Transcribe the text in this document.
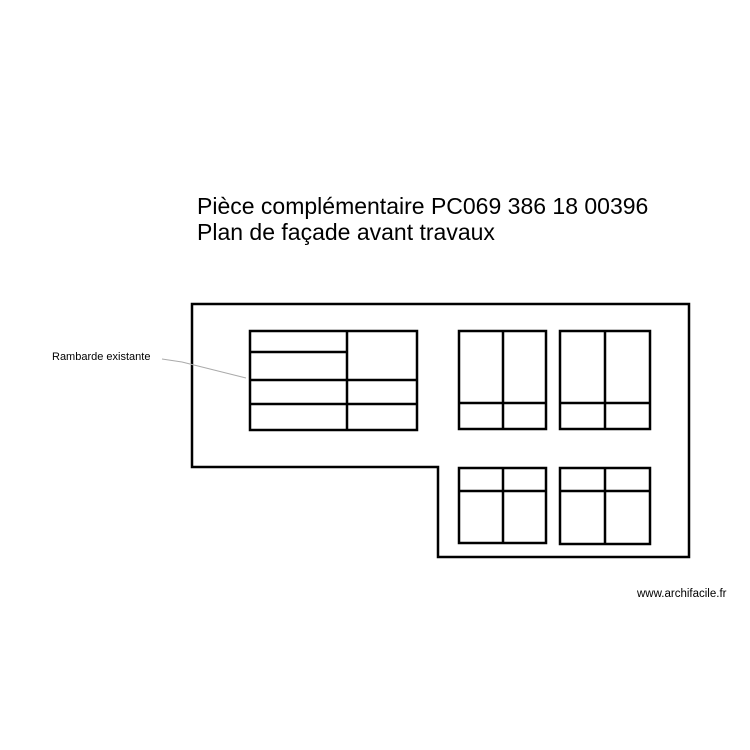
Pièce complémentaire PC069 386 18 00396
Plan de façade avant travaux
Rambarde existante
www.archifacile.fr
